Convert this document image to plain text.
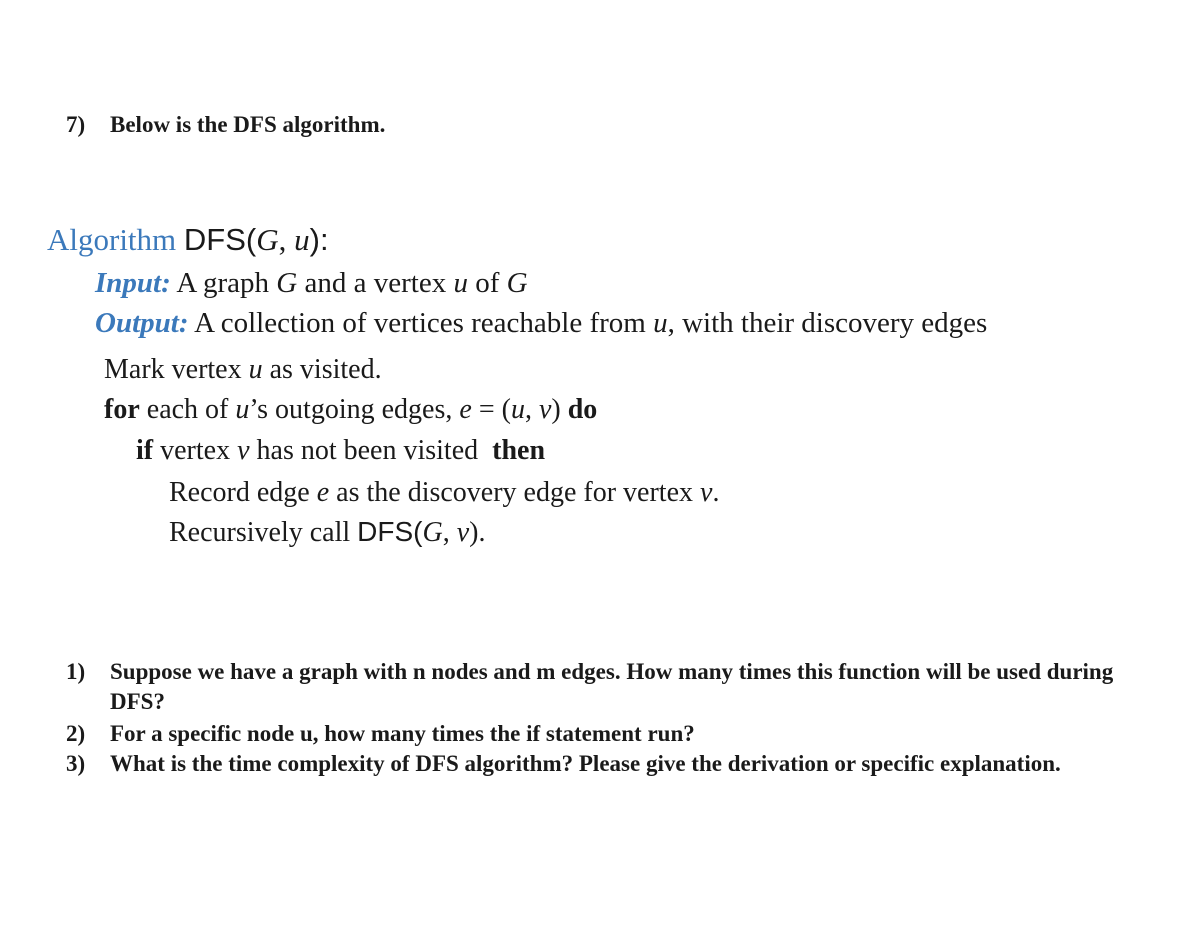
7) Below is the DFS algorithm.
Algorithm DFS(G, u):
Input: A graph G and a vertex u of G
Output: A collection of vertices reachable from u, with their discovery edges
Mark vertex u as visited.
for each of u’s outgoing edges, e = (u, v) do
if vertex v has not been visited  then
Record edge e as the discovery edge for vertex v.
Recursively call DFS(G, v).
1)	Suppose we have a graph with n nodes and m edges. How many times this function will be used during DFS?
2)	For a specific node u, how many times the if statement run?
3)	What is the time complexity of DFS algorithm? Please give the derivation or specific explanation.
